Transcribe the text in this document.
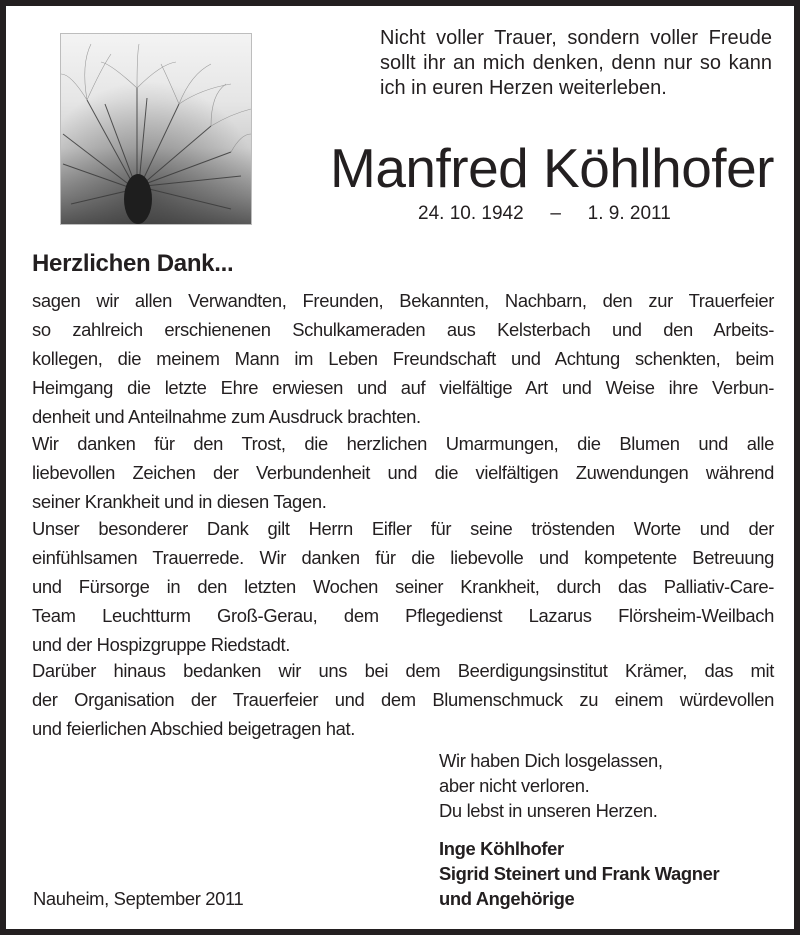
Nicht voller Trauer, sondern voller Freude
sollt ihr an mich denken, denn nur so kann
ich in euren Herzen weiterleben.
Manfred Köhlhofer
24. 10. 1942 – 1. 9. 2011
Herzlichen Dank...
sagen wir allen Verwandten, Freunden, Bekannten, Nachbarn, den zur Trauerfeier
so zahlreich erschienenen Schulkameraden aus Kelsterbach und den Arbeits-
kollegen, die meinem Mann im Leben Freundschaft und Achtung schenkten, beim
Heimgang die letzte Ehre erwiesen und auf vielfältige Art und Weise ihre Verbun-
denheit und Anteilnahme zum Ausdruck brachten.
Wir danken für den Trost, die herzlichen Umarmungen, die Blumen und alle
liebevollen Zeichen der Verbundenheit und die vielfältigen Zuwendungen während
seiner Krankheit und in diesen Tagen.
Unser besonderer Dank gilt Herrn Eifler für seine tröstenden Worte und der
einfühlsamen Trauerrede. Wir danken für die liebevolle und kompetente Betreuung
und Fürsorge in den letzten Wochen seiner Krankheit, durch das Palliativ-Care-
Team Leuchtturm Groß-Gerau, dem Pflegedienst Lazarus Flörsheim-Weilbach
und der Hospizgruppe Riedstadt.
Darüber hinaus bedanken wir uns bei dem Beerdigungsinstitut Krämer, das mit
der Organisation der Trauerfeier und dem Blumenschmuck zu einem würdevollen
und feierlichen Abschied beigetragen hat.
Wir haben Dich losgelassen,
aber nicht verloren.
Du lebst in unseren Herzen.
Inge Köhlhofer
Sigrid Steinert und Frank Wagner
und Angehörige
Nauheim, September 2011
